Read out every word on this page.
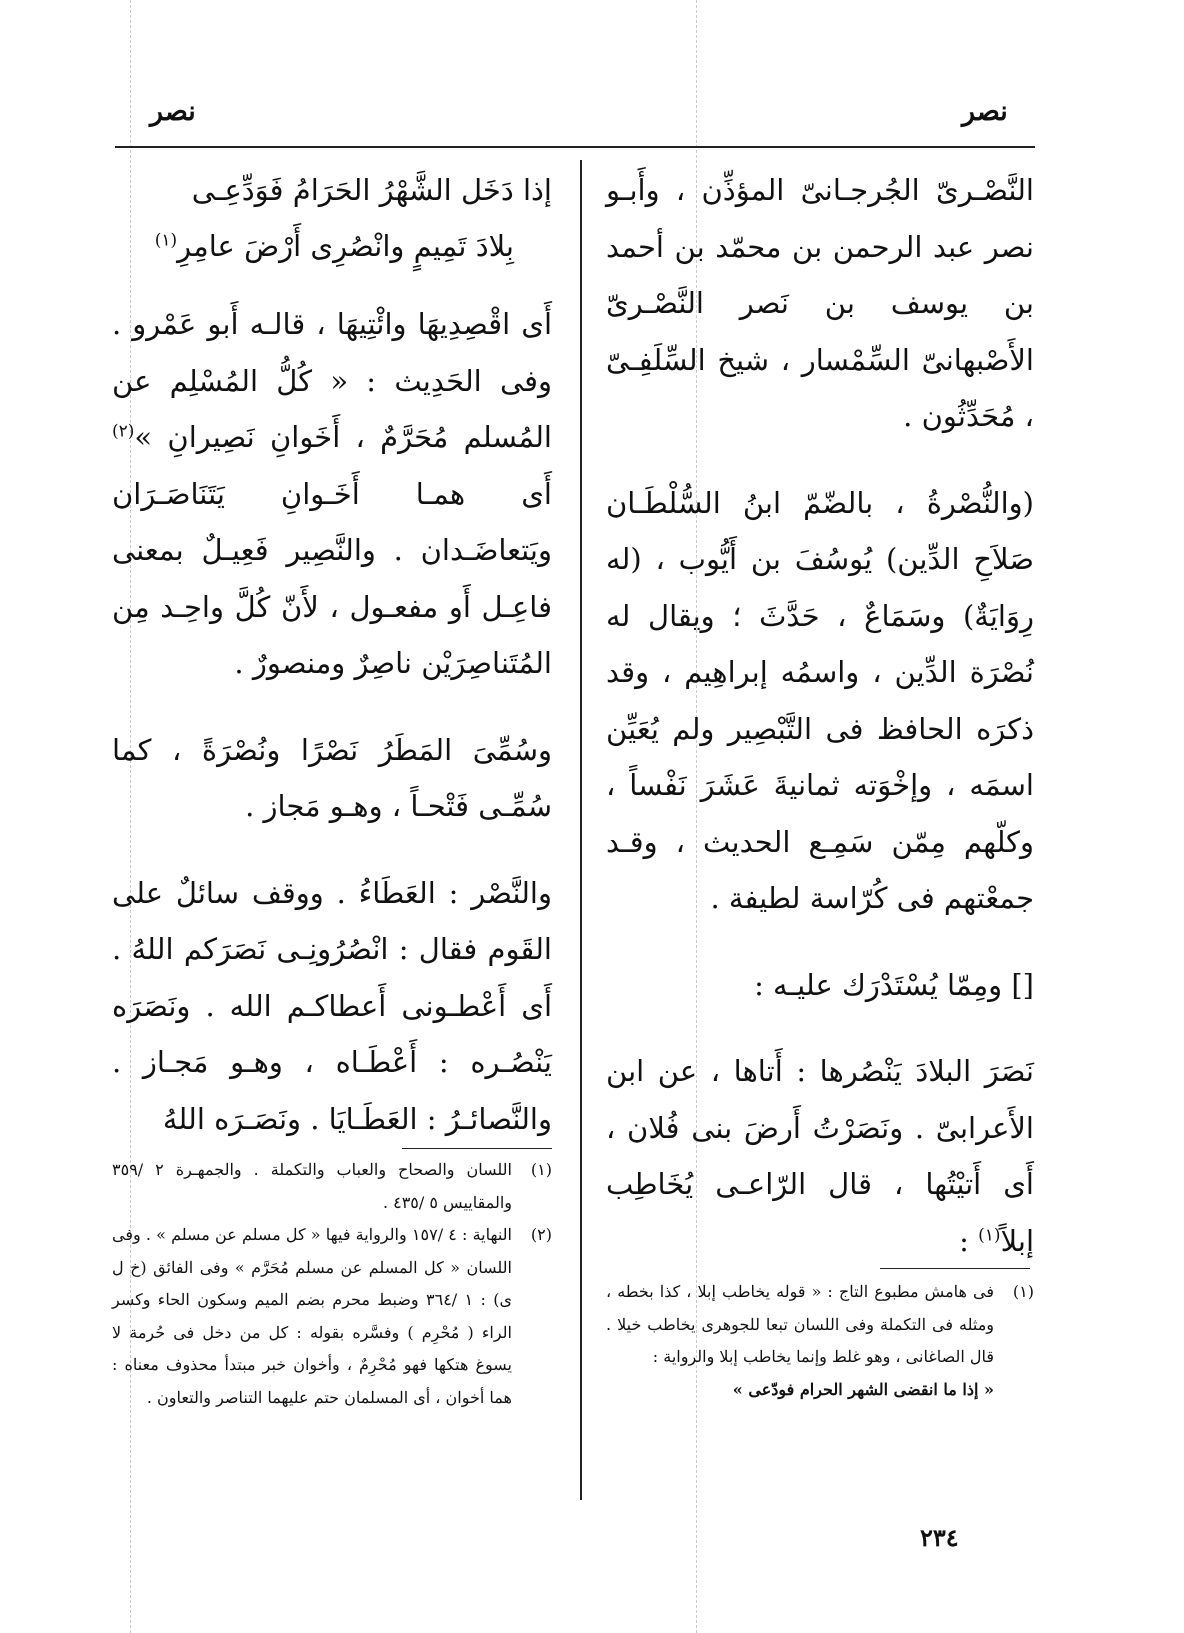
نصر
نصر

النَّصْـرىّ الجُرجـانىّ المؤذِّن ، وأَبـو نصر عبد الرحمن بن محمّد بن أحمد بن يوسف بن نَصر النَّصْـرىّ الأَصْبهانىّ السِّمْسار ، شيخ السِّلَفِـىّ ، مُحَدِّثُون .

(والنُّصْرةُ ، بالضّمّ ابنُ السُّلْطَـان صَلاَحِ الدِّين) يُوسُفَ بن أَيُّوب ، (له رِوَايَةٌ) وسَمَاعٌ ، حَدَّثَ ؛ ويقال له نُصْرَة الدِّين ، واسمُه إبراهِيم ، وقد ذكرَه الحافظ فى التَّبْصِير ولم يُعَيِّن اسمَه ، وإخْوَته ثمانيةَ عَشَرَ نَفْساً ، وكلّهم مِمّن سَمِـع الحديث ، وقـد جمعْتهم فى كُرّاسة لطيفة .

[] ومِمّا يُسْتَدْرَك عليـه :

نَصَرَ البلادَ يَنْصُرها : أَتاها ، عن ابن الأَعرابىّ . ونَصَرْتُ أَرضَ بنى فُلان ، أَى أَتيْتُها ، قال الرّاعـى يُخَاطِب إبلاً$^{(١)}$ :

إذا دَخَل الشَّهْرُ الحَرَامُ فَوَدِّعِـى

بِلادَ تَمِيمٍ وانْصُرِى أَرْضَ عامِرِ$^{(١)}$

أَى اقْصِدِيهَا وائْتِيهَا ، قالـه أَبو عَمْرو . وفى الحَدِيث : « كُلُّ المُسْلِم عن المُسلم مُحَرَّمٌ ، أَخَوانِ نَصِيرانِ »$^{(٢)}$ أَى همـا أَخَـوانِ يَتَنَاصَـرَان ويَتعاضَـدان . والنَّصِير فَعِيـلٌ بمعنى فاعِـل أَو مفعـول ، لأَنّ كُلَّ واحِـد مِن المُتَناصِرَيْن ناصِرٌ ومنصورٌ .

وسُمِّىَ المَطَرُ نَصْرًا ونُصْرَةً ، كما سُمِّـى فَتْحـاً ، وهـو مَجاز .

والنَّصْر : العَطَاءُ . ووقف سائلٌ على القَوم فقال : انْصُرُونِـى نَصَرَكم اللهُ . أَى أَعْطـونى أَعطاكـم الله . ونَصَرَه يَنْصُـره : أَعْطَـاه ، وهـو مَجـاز . والنَّصائـرُ : العَطَـايَا . ونَصَـرَه اللهُ

(١)
اللسان والصحاح والعباب والتكملة . والجمهـرة ٢ /٣٥٩ والمقاييس ٥ /٤٣٥ .

(٢)
النهاية : ٤ /١٥٧ والرواية فيها « كل مسلم عن مسلم » . وفى اللسان « كل المسلم عن مسلم مُحَرَّم » وفى الفائق (خ ل ى) : ١ /٣٦٤ وضبط محرم بضم الميم وسكون الحاء وكسر الراء ( مُحْرِم ) وفسَّره بقوله : كل من دخل فى حُرمة لا يسوغ هتكها فهو مُحْرِمٌ ، وأخوان خبر مبتدأ محذوف معناه : هما أخوان ، أى المسلمان حتم عليهما التناصر والتعاون .

(١)
فى هامش مطبوع التاج : « قوله يخاطب إبلا ، كذا بخطه ، ومثله فى التكملة وفى اللسان تبعا للجوهرى يخاطب خيلا . قال الصاغانى ، وهو غلط وإنما يخاطب إبلا والرواية :

« إذا ما انقضى الشهر الحرام فودّعى »

٢٣٤
